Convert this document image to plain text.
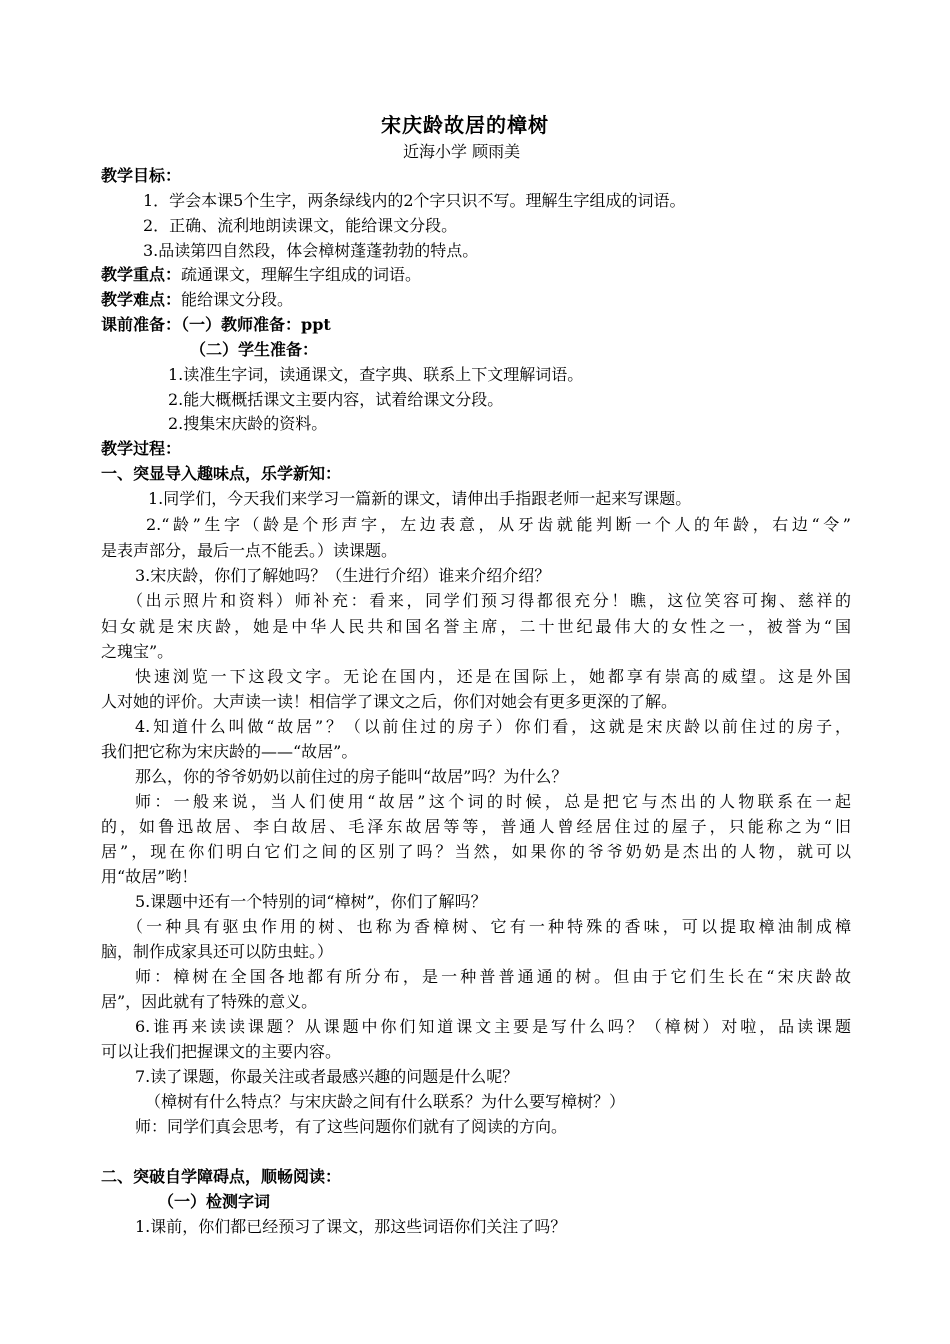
宋庆龄故居的樟树
近海小学 顾雨美
教学目标：
1．学会本课5个生字，两条绿线内的2个字只识不写。理解生字组成的词语。
2．正确、流利地朗读课文，能给课文分段。
3.品读第四自然段，体会樟树蓬蓬勃勃的特点。
教学重点：疏通课文，理解生字组成的词语。
教学难点：能给课文分段。
课前准备：（一）教师准备：ppt
（二）学生准备：
1.读准生字词，读通课文，查字典、联系上下文理解词语。
2.能大概概括课文主要内容，试着给课文分段。
2.搜集宋庆龄的资料。
教学过程：
一、突显导入趣味点，乐学新知：
1.同学们，今天我们来学习一篇新的课文，请伸出手指跟老师一起来写课题。
2.“龄”生字（龄是个形声字，左边表意，从牙齿就能判断一个人的年龄，右边“令”
是表声部分，最后一点不能丢。）读课题。
3.宋庆龄，你们了解她吗？（生进行介绍）谁来介绍介绍？
（出示照片和资料）师补充：看来，同学们预习得都很充分！瞧，这位笑容可掬、慈祥的
妇女就是宋庆龄，她是中华人民共和国名誉主席，二十世纪最伟大的女性之一，被誉为“国
之瑰宝”。
快速浏览一下这段文字。无论在国内，还是在国际上，她都享有崇高的威望。这是外国
人对她的评价。大声读一读！相信学了课文之后，你们对她会有更多更深的了解。
4.知道什么叫做“故居”？（以前住过的房子）你们看，这就是宋庆龄以前住过的房子，
我们把它称为宋庆龄的——“故居”。
那么，你的爷爷奶奶以前住过的房子能叫“故居”吗？为什么？
师：一般来说，当人们使用“故居”这个词的时候，总是把它与杰出的人物联系在一起
的，如鲁迅故居、李白故居、毛泽东故居等等，普通人曾经居住过的屋子，只能称之为“旧
居”，现在你们明白它们之间的区别了吗？当然，如果你的爷爷奶奶是杰出的人物，就可以
用“故居”哟！
5.课题中还有一个特别的词“樟树”，你们了解吗？
（一种具有驱虫作用的树、也称为香樟树、它有一种特殊的香味，可以提取樟油制成樟
脑，制作成家具还可以防虫蛀。）
师：樟树在全国各地都有所分布，是一种普普通通的树。但由于它们生长在“宋庆龄故
居”，因此就有了特殊的意义。
6.谁再来读读课题？从课题中你们知道课文主要是写什么吗？（樟树）对啦，品读课题
可以让我们把握课文的主要内容。
7.读了课题，你最关注或者最感兴趣的问题是什么呢？
（樟树有什么特点？与宋庆龄之间有什么联系？为什么要写樟树？）
师：同学们真会思考，有了这些问题你们就有了阅读的方向。
二、突破自学障碍点，顺畅阅读：
（一）检测字词
1.课前，你们都已经预习了课文，那这些词语你们关注了吗？
